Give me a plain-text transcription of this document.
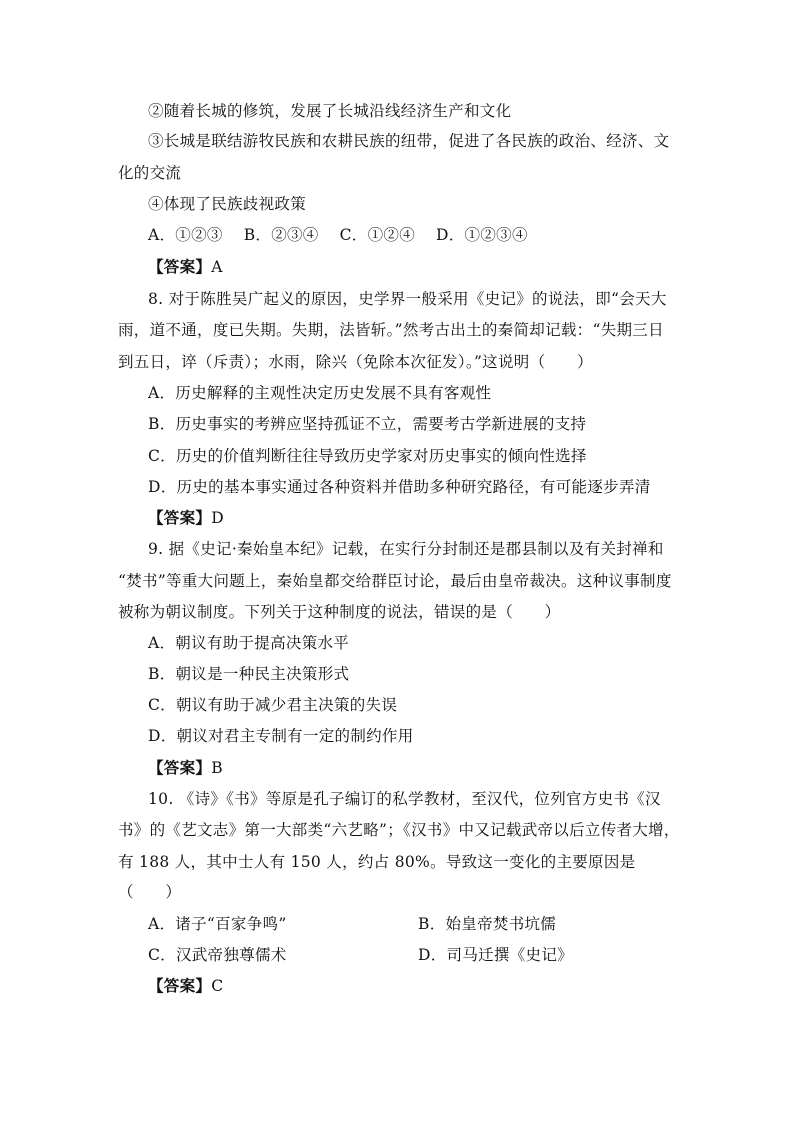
②随着长城的修筑，发展了长城沿线经济生产和文化
③长城是联结游牧民族和农耕民族的纽带，促进了各民族的政治、经济、文
化的交流
④体现了民族歧视政策
A．①②③　 B．②③④　 C．①②④　 D．①②③④
【答案】A
8. 对于陈胜吴广起义的原因，史学界一般采用《史记》的说法，即“会天大
雨，道不通，度已失期。失期，法皆斩。”然考古出土的秦简却记载：“失期三日
到五日，谇（斥责）；水雨，除兴（免除本次征发）。”这说明（　　）
A．历史解释的主观性决定历史发展不具有客观性
B．历史事实的考辨应坚持孤证不立，需要考古学新进展的支持
C．历史的价值判断往往导致历史学家对历史事实的倾向性选择
D．历史的基本事实通过各种资料并借助多种研究路径，有可能逐步弄清
【答案】D
9. 据《史记·秦始皇本纪》记载，在实行分封制还是郡县制以及有关封禅和
“焚书”等重大问题上，秦始皇都交给群臣讨论，最后由皇帝裁决。这种议事制度
被称为朝议制度。下列关于这种制度的说法，错误的是（　　）
A．朝议有助于提高决策水平
B．朝议是一种民主决策形式
C．朝议有助于减少君主决策的失误
D．朝议对君主专制有一定的制约作用
【答案】B
10. 《诗》《书》等原是孔子编订的私学教材，至汉代，位列官方史书《汉
书》的《艺文志》第一大部类“六艺略”；《汉书》中又记载武帝以后立传者大增，
有 188 人，其中士人有 150 人，约占 80%。导致这一变化的主要原因是
（　　）
A．诸子“百家争鸣”	B．始皇帝焚书坑儒
C．汉武帝独尊儒术	D．司马迁撰《史记》
【答案】C
